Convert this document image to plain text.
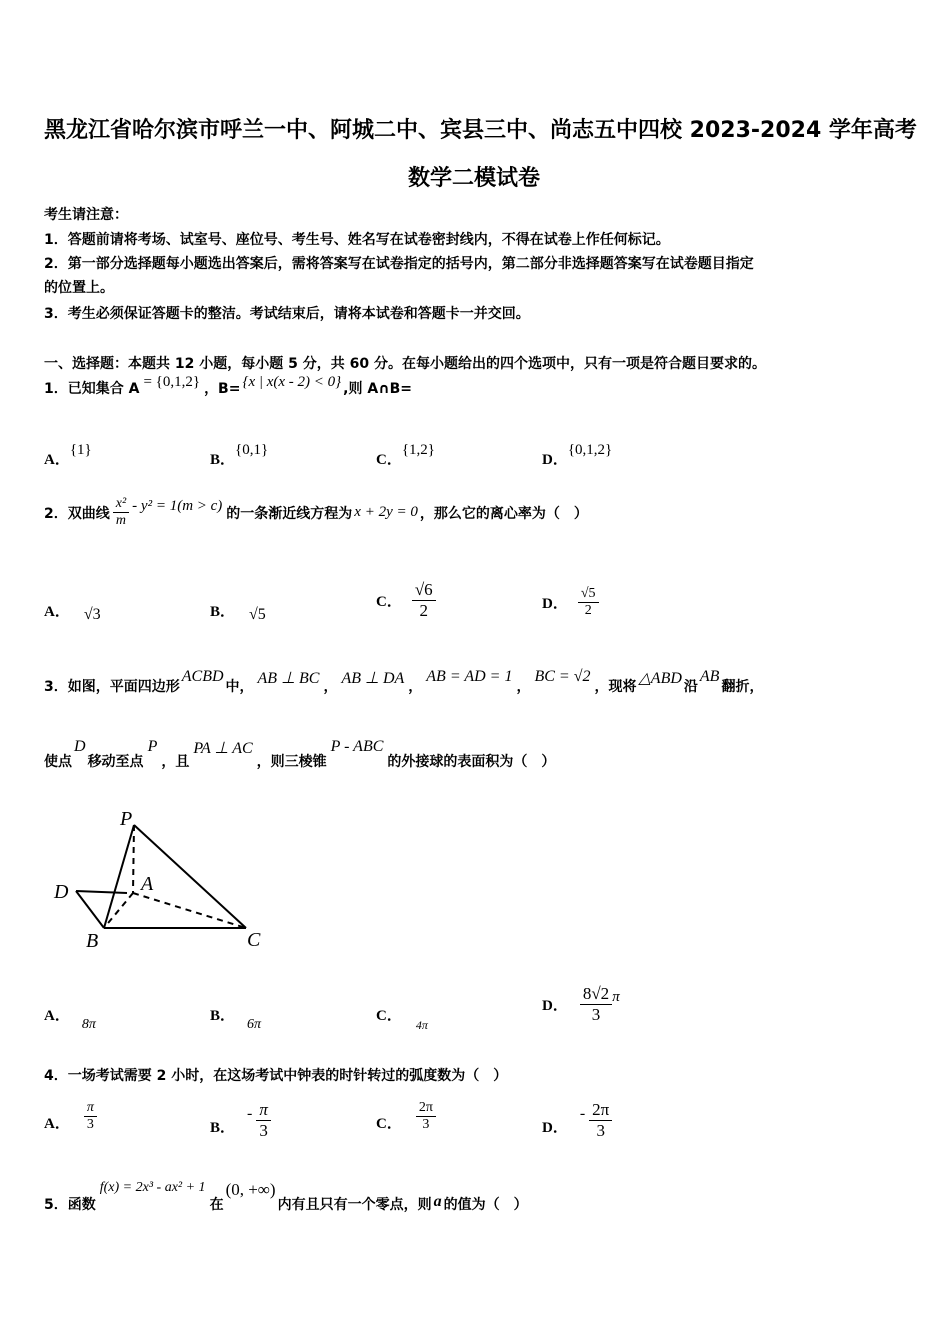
黑龙江省哈尔滨市呼兰一中、阿城二中、宾县三中、尚志五中四校 2023-2024 学年高考
数学二模试卷
考生请注意：
1．答题前请将考场、试室号、座位号、考生号、姓名写在试卷密封线内，不得在试卷上作任何标记。
2．第一部分选择题每小题选出答案后，需将答案写在试卷指定的括号内，第二部分非选择题答案写在试卷题目指定
的位置上。
3．考生必须保证答题卡的整洁。考试结束后，请将本试卷和答题卡一并交回。
一、选择题：本题共 12 小题，每小题 5 分，共 60 分。在每小题给出的四个选项中，只有一项是符合题目要求的。
1．已知集合 A = {0,1,2} ，B= {x | x(x - 2) < 0} ,则 A∩B=
A．{1}
B．{0,1}
C．{1,2}
D．{0,1,2}
2．双曲线 $\frac{\text{x²}}{m} - y^2 = 1(m > c)$ 的一条渐近线方程为 x + 2y = 0 ，那么它的离心率为（　）
A． √3	B． √5
C． $\frac{√6}{2}$	D． $\frac{√5}{2}$
3．如图，平面四边形
ACBD
中， AB ⊥ BC ， AB ⊥ DA ，
AB = AD = 1
，
BC = √2
，现将 △ABD 沿
AB
翻折，
使点
D
移动至点
P
，且
PA ⊥ AC
，则三棱锥
P - ABC
的外接球的表面积为（　）
P
A
D
B	C
A．
8π
B．
6π
C．
4π
D． $\frac{8√2}{3}$ π
4．一场考试需要 2 小时，在这场考试中钟表的时针转过的弧度数为（　）
A． $\frac{\pi}{3}$	B．
- $\frac{\pi}{3}$	C． $\frac{2\pi}{3}$	D．
- $\frac{2\pi}{3}$
5．函数
f(x) = 2x³ - ax² + 1
在
(0, +∞)
内有且只有一个零点，则 a 的值为（　）
